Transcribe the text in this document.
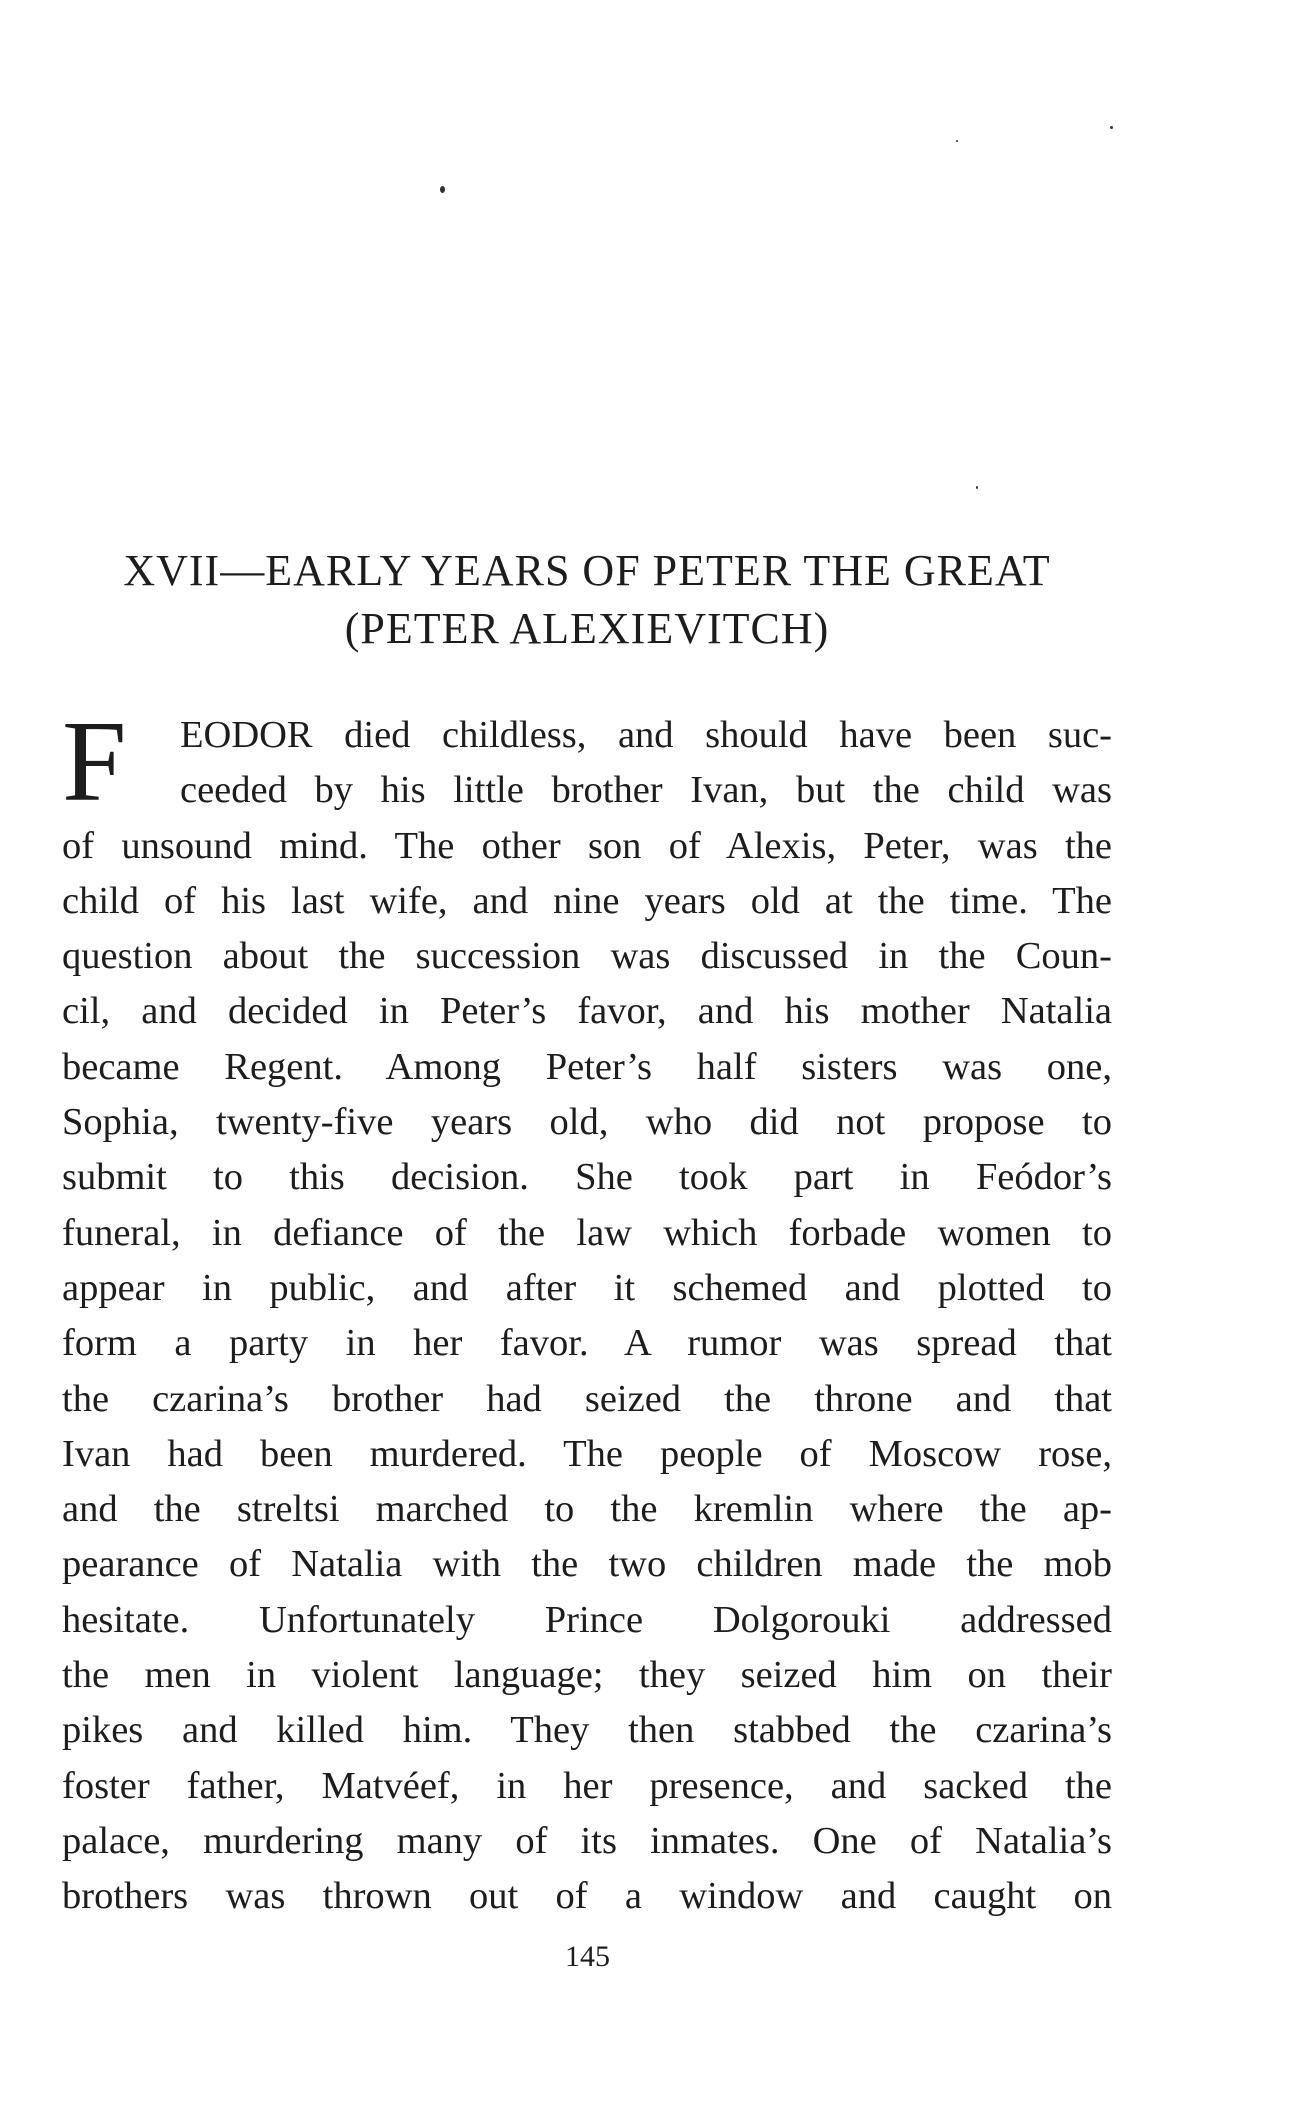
XVII—EARLY YEARS OF PETER THE GREAT
(PETER ALEXIEVITCH)
F	EODOR died childless, and should have been suc-
ceeded by his little brother Ivan, but the child was
of unsound mind. The other son of Alexis, Peter, was the
child of his last wife, and nine years old at the time. The
question about the succession was discussed in the Coun-
cil, and decided in Peter’s favor, and his mother Natalia
became Regent. Among Peter’s half sisters was one,
Sophia, twenty-five years old, who did not propose to
submit to this decision. She took part in Feódor’s
funeral, in defiance of the law which forbade women to
appear in public, and after it schemed and plotted to
form a party in her favor. A rumor was spread that
the czarina’s brother had seized the throne and that
Ivan had been murdered. The people of Moscow rose,
and the streltsi marched to the kremlin where the ap-
pearance of Natalia with the two children made the mob
hesitate. Unfortunately Prince Dolgorouki addressed
the men in violent language; they seized him on their
pikes and killed him. They then stabbed the czarina’s
foster father, Matvéef, in her presence, and sacked the
palace, murdering many of its inmates. One of Natalia’s
brothers was thrown out of a window and caught on

145
